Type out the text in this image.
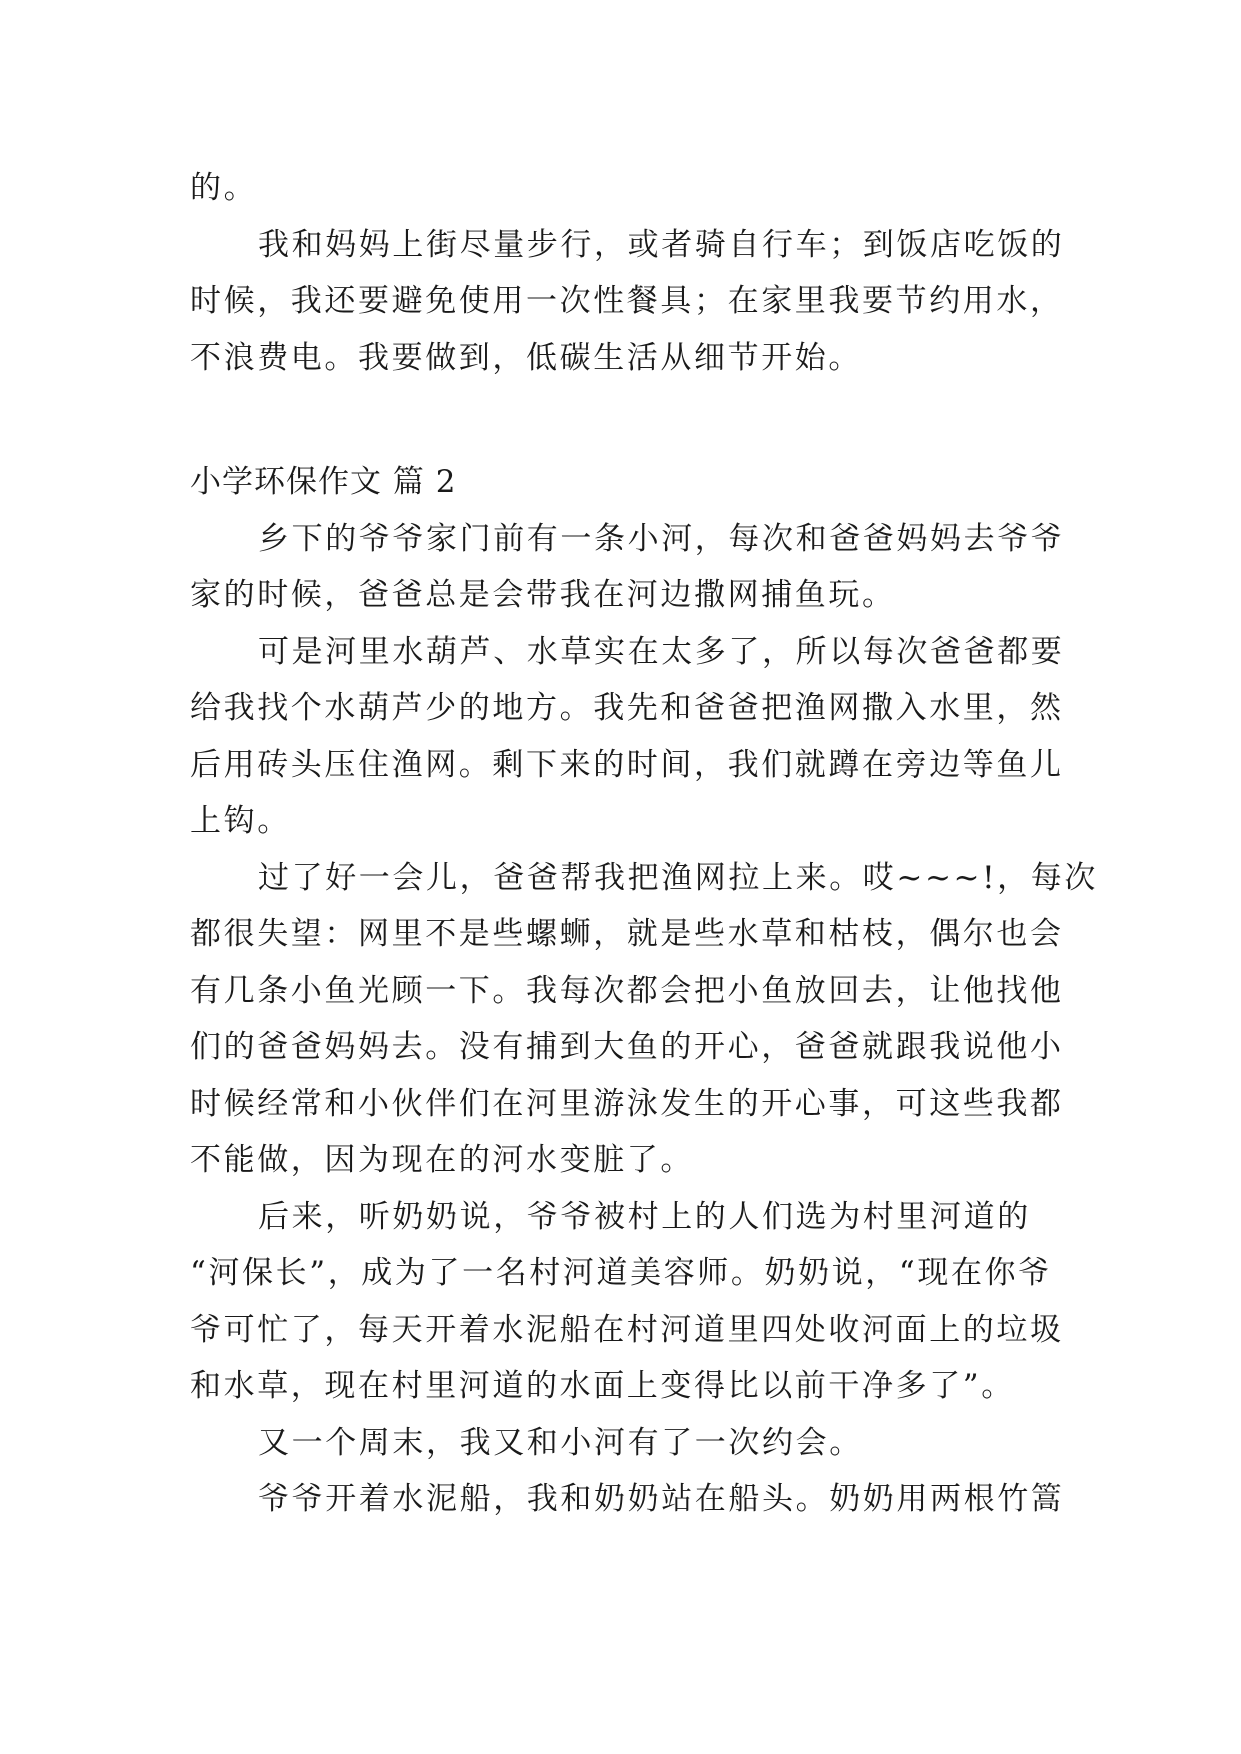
的。
我和妈妈上街尽量步行，或者骑自行车；到饭店吃饭的
时候，我还要避免使用一次性餐具；在家里我要节约用水，
不浪费电。我要做到，低碳生活从细节开始。
小学环保作文 篇 2
乡下的爷爷家门前有一条小河，每次和爸爸妈妈去爷爷
家的时候，爸爸总是会带我在河边撒网捕鱼玩。
可是河里水葫芦、水草实在太多了，所以每次爸爸都要
给我找个水葫芦少的地方。我先和爸爸把渔网撒入水里，然
后用砖头压住渔网。剩下来的时间，我们就蹲在旁边等鱼儿
上钩。
过了好一会儿，爸爸帮我把渔网拉上来。哎~~~!，每次
都很失望：网里不是些螺蛳，就是些水草和枯枝，偶尔也会
有几条小鱼光顾一下。我每次都会把小鱼放回去，让他找他
们的爸爸妈妈去。没有捕到大鱼的开心，爸爸就跟我说他小
时候经常和小伙伴们在河里游泳发生的开心事，可这些我都
不能做，因为现在的河水变脏了。
后来，听奶奶说，爷爷被村上的人们选为村里河道的
“河保长”，成为了一名村河道美容师。奶奶说，“现在你爷
爷可忙了，每天开着水泥船在村河道里四处收河面上的垃圾
和水草，现在村里河道的水面上变得比以前干净多了”。
又一个周末，我又和小河有了一次约会。
爷爷开着水泥船，我和奶奶站在船头。奶奶用两根竹篙
